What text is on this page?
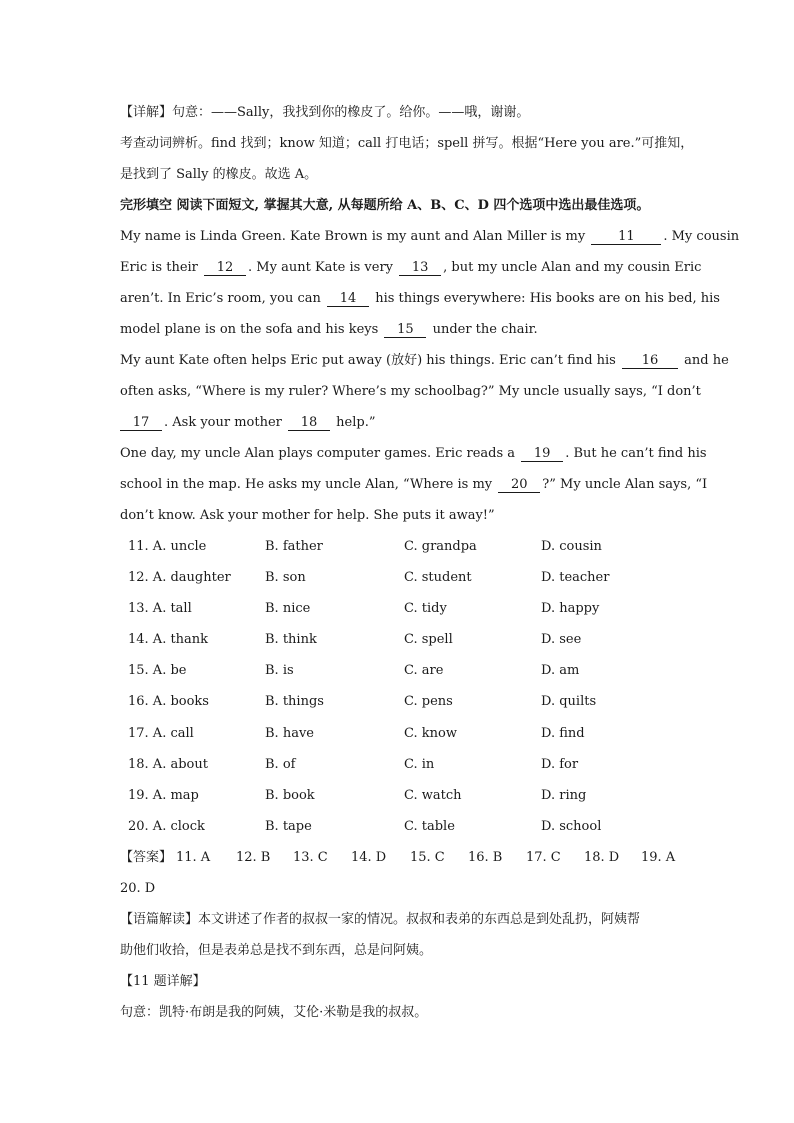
【详解】句意：——Sally，我找到你的橡皮了。给你。——哦，谢谢。
考查动词辨析。find 找到；know 知道；call 打电话；spell 拼写。根据“Here you are.”可推知，
是找到了 Sally 的橡皮。故选 A。
完形填空 阅读下面短文, 掌握其大意, 从每题所给 A、B、C、D 四个选项中选出最佳选项。
My name is Linda Green. Kate Brown is my aunt and Alan Miller is my	11 . My cousin
Eric is their 12 . My aunt Kate is very 13 , but my uncle Alan and my cousin Eric
aren’t. In Eric’s room, you can 14 his things everywhere: His books are on his bed, his
model plane is on the sofa and his keys 15 under the chair.
My aunt Kate often helps Eric put away (放好) his things. Eric can’t find his 16 and he
often asks, “Where is my ruler? Where’s my schoolbag?” My uncle usually says, “I don’t
17 . Ask your mother 18 help.”
One day, my uncle Alan plays computer games. Eric reads a 19 . But he can’t find his
school in the map. He asks my uncle Alan, “Where is my 20 ?” My uncle Alan says, “I
don’t know. Ask your mother for help. She puts it away!”
11. A. uncle	B. father	C. grandpa	D. cousin
12. A. daughter	B. son	C. student	D. teacher
13. A. tall	B. nice	C. tidy	D. happy
14. A. thank	B. think	C. spell	D. see
15. A. be	B. is	C. are	D. am
16. A. books	B. things	C. pens	D. quilts
17. A. call	B. have	C. know	D. find
18. A. about	B. of	C. in	D. for
19. A. map	B. book	C. watch	D. ring
20. A. clock	B. tape	C. table	D. school
【答案】 11. A 12. B 13. C 14. D 15. C 16. B 17. C 18. D 19. A
20. D
【语篇解读】本文讲述了作者的叔叔一家的情况。叔叔和表弟的东西总是到处乱扔，阿姨帮
助他们收拾，但是表弟总是找不到东西，总是问阿姨。
【11 题详解】
句意：凯特·布朗是我的阿姨，艾伦·米勒是我的叔叔。
